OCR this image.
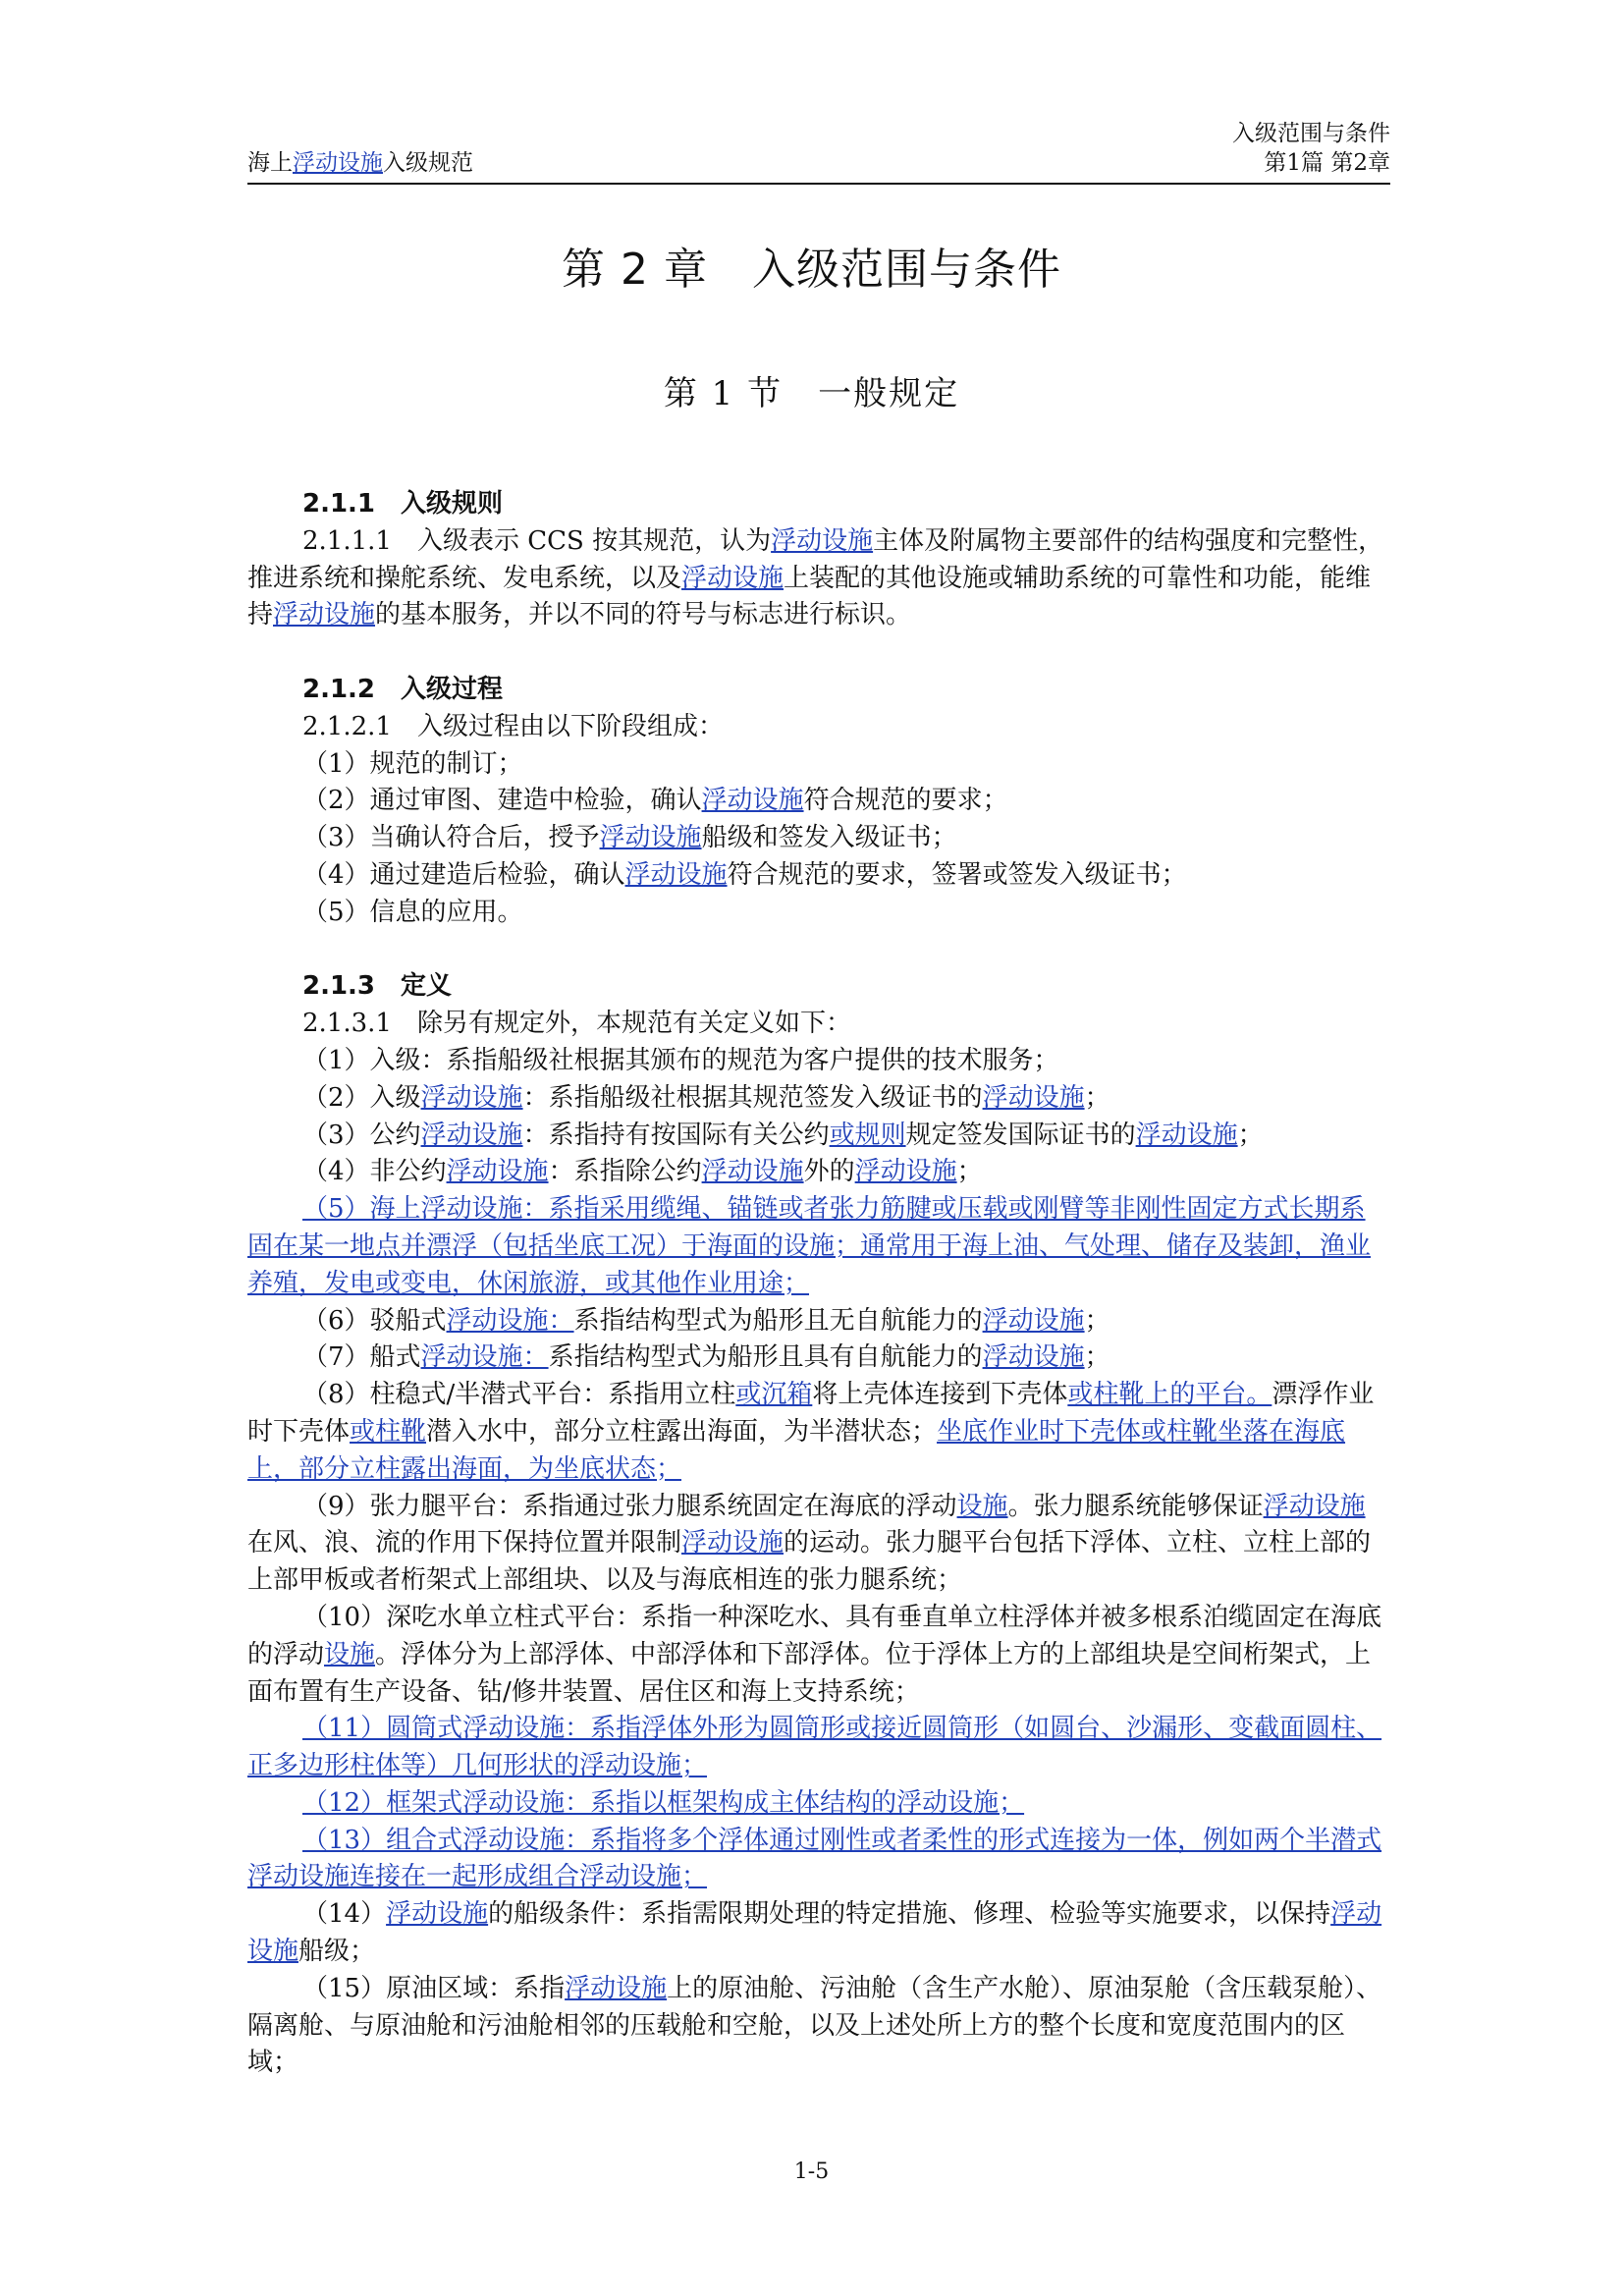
入级范围与条件
海上浮动设施入级规范	第1篇 第2章
第 2 章　入级范围与条件
第 1 节　一般规定

2.1.1　入级规则

2.1.1.1　入级表示 CCS 按其规范，认为浮动设施主体及附属物主要部件的结构强度和完整性，推进系统和操舵系统、发电系统，以及浮动设施上装配的其他设施或辅助系统的可靠性和功能，能维持浮动设施的基本服务，并以不同的符号与标志进行标识。

2.1.2　入级过程

2.1.2.1　入级过程由以下阶段组成：

（1）规范的制订；

（2）通过审图、建造中检验，确认浮动设施符合规范的要求；

（3）当确认符合后，授予浮动设施船级和签发入级证书；

（4）通过建造后检验，确认浮动设施符合规范的要求，签署或签发入级证书；

（5）信息的应用。

2.1.3　定义

2.1.3.1　除另有规定外，本规范有关定义如下：

（1）入级：系指船级社根据其颁布的规范为客户提供的技术服务；

（2）入级浮动设施：系指船级社根据其规范签发入级证书的浮动设施；

（3）公约浮动设施：系指持有按国际有关公约或规则规定签发国际证书的浮动设施；

（4）非公约浮动设施：系指除公约浮动设施外的浮动设施；

（5）海上浮动设施：系指采用缆绳、锚链或者张力筋腱或压载或刚臂等非刚性固定方式长期系固在某一地点并漂浮（包括坐底工况）于海面的设施；通常用于海上油、气处理、储存及装卸，渔业养殖，发电或变电，休闲旅游，或其他作业用途；

（6）驳船式浮动设施：系指结构型式为船形且无自航能力的浮动设施；

（7）船式浮动设施：系指结构型式为船形且具有自航能力的浮动设施；

（8）柱稳式/半潜式平台：系指用立柱或沉箱将上壳体连接到下壳体或柱靴上的平台。漂浮作业时下壳体或柱靴潜入水中，部分立柱露出海面，为半潜状态；坐底作业时下壳体或柱靴坐落在海底上，部分立柱露出海面，为坐底状态；

（9）张力腿平台：系指通过张力腿系统固定在海底的浮动设施。张力腿系统能够保证浮动设施在风、浪、流的作用下保持位置并限制浮动设施的运动。张力腿平台包括下浮体、立柱、立柱上部的上部甲板或者桁架式上部组块、以及与海底相连的张力腿系统；

（10）深吃水单立柱式平台：系指一种深吃水、具有垂直单立柱浮体并被多根系泊缆固定在海底的浮动设施。浮体分为上部浮体、中部浮体和下部浮体。位于浮体上方的上部组块是空间桁架式，上面布置有生产设备、钻/修井装置、居住区和海上支持系统；

（11）圆筒式浮动设施：系指浮体外形为圆筒形或接近圆筒形（如圆台、沙漏形、变截面圆柱、正多边形柱体等）几何形状的浮动设施；

（12）框架式浮动设施：系指以框架构成主体结构的浮动设施；

（13）组合式浮动设施：系指将多个浮体通过刚性或者柔性的形式连接为一体，例如两个半潜式浮动设施连接在一起形成组合浮动设施；

（14）浮动设施的船级条件：系指需限期处理的特定措施、修理、检验等实施要求，以保持浮动设施船级；

（15）原油区域：系指浮动设施上的原油舱、污油舱（含生产水舱）、原油泵舱（含压载泵舱）、隔离舱、与原油舱和污油舱相邻的压载舱和空舱，以及上述处所上方的整个长度和宽度范围内的区域；

1-5
